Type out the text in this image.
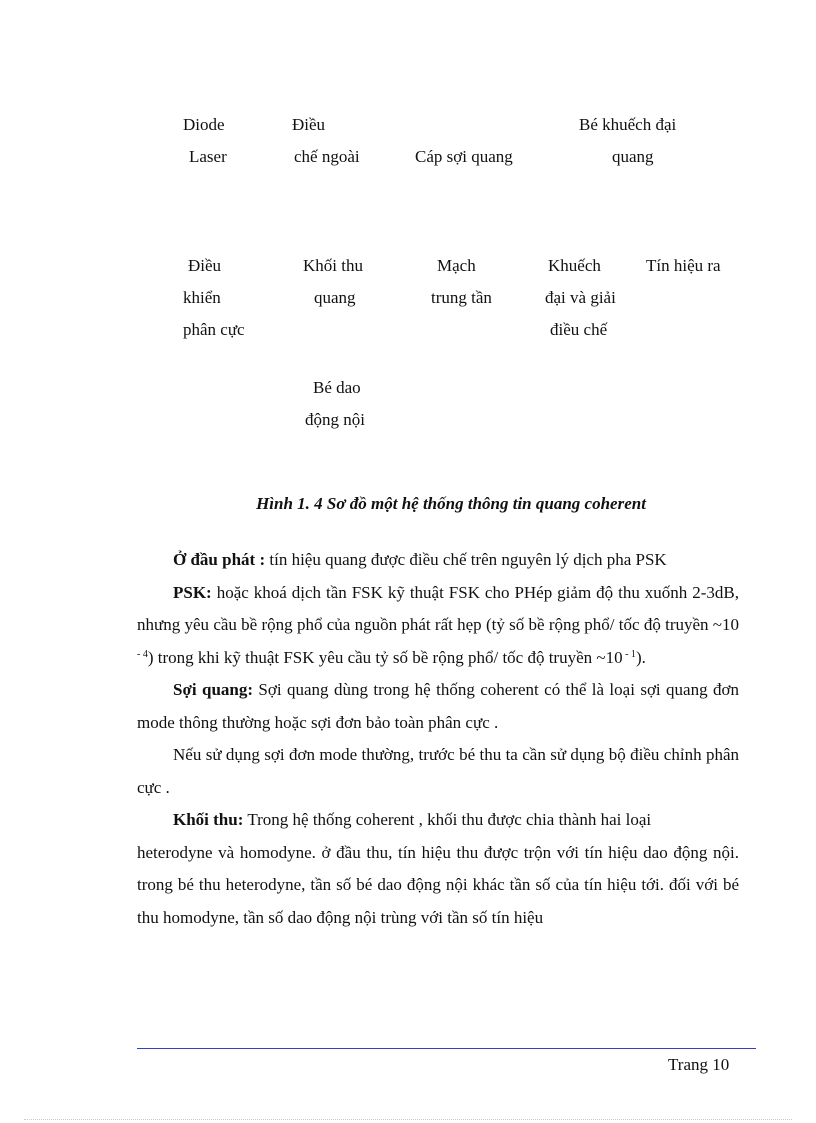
Diode
Laser
Điều
chế ngoài	Cáp sợi quang
Bé khuếch đại
quang
Điều
khiển
phân cực
Khối thu
quang
Mạch
trung tần
Khuếch
đại và giải
điều chế
Tín hiệu ra
Bé dao
động nội
Hình 1. 4 Sơ đồ một hệ thống thông tin quang coherent

Ở đầu phát : tín hiệu quang được điều chế trên nguyên lý dịch pha PSK

PSK: hoặc khoá dịch tần FSK kỹ thuật FSK cho PHép giảm độ thu xuốnh 2-3dB, nhưng yêu cầu bề rộng phổ của nguồn phát rất hẹp (tỷ số bề rộng phổ/ tốc độ truyền ~10 $^{- 4}$) trong khi kỹ thuật FSK yêu cầu tỷ số bề rộng phổ/ tốc độ truyền ~10 $^{- 1}$).

Sợi quang: Sợi quang dùng trong hệ thống coherent có thể là loại sợi quang đơn mode thông thường hoặc sợi đơn bảo toàn phân cực .

Nếu sử dụng sợi đơn mode thường, trước bé thu ta cần sử dụng bộ điều chỉnh phân cực .

Khối thu: Trong hệ thống coherent , khối thu được chia thành hai loại

heterodyne và homodyne. ở đầu thu, tín hiệu thu được trộn với tín hiệu dao động nội. trong bé thu heterodyne, tần số bé dao động nội khác tần số của tín hiệu tới. đối với bé thu homodyne, tần số dao động nội trùng với tần số tín hiệu

Trang 10
